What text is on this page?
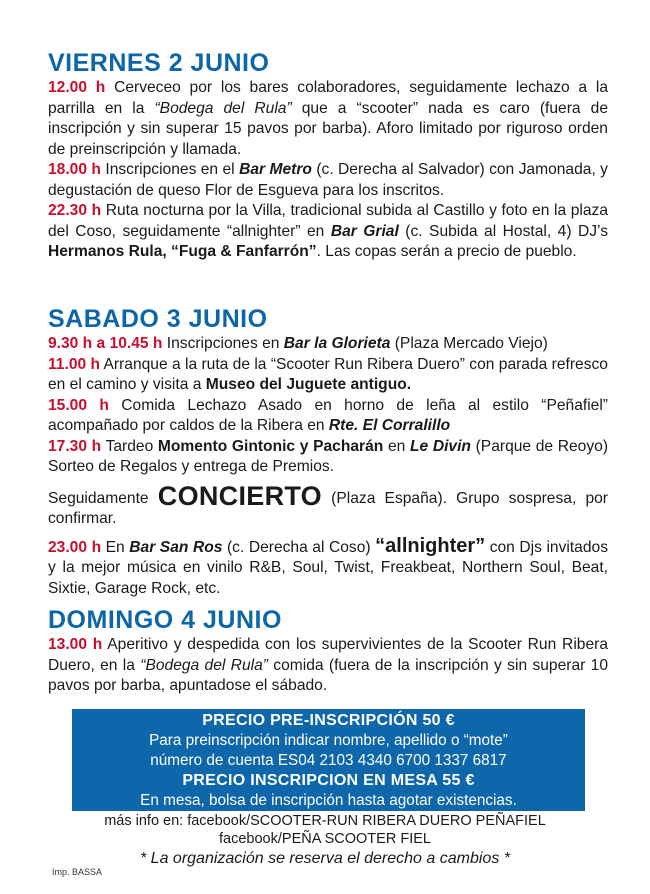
VIERNES 2 JUNIO

12.00 h Cerveceo por los bares colaboradores, seguidamente lechazo a la parrilla en la “Bodega del Rula” que a “scooter” nada es caro (fuera de inscripción y sin superar 15 pavos por barba). Aforo limitado por riguroso orden de preinscripción y llamada.

18.00 h Inscripciones en el Bar Metro (c. Derecha al Salvador) con Jamonada, y degustación de queso Flor de Esgueva para los inscritos.

22.30 h Ruta nocturna por la Villa, tradicional subida al Castillo y foto en la plaza del Coso, seguidamente “allnighter” en Bar Grial (c. Subida al Hostal, 4) DJ’s Hermanos Rula, “Fuga & Fanfarrón”. Las copas serán a precio de pueblo.

SABADO 3 JUNIO

9.30 h a 10.45 h Inscripciones en Bar la Glorieta (Plaza Mercado Viejo)

11.00 h Arranque a la ruta de la “Scooter Run Ribera Duero” con parada refresco en el camino y visita a Museo del Juguete antiguo.

15.00 h Comida Lechazo Asado en horno de leña al estilo “Peñafiel” acompañado por caldos de la Ribera en Rte. El Corralillo

17.30 h Tardeo Momento Gintonic y Pacharán en Le Divin (Parque de Reoyo) Sorteo de Regalos y entrega de Premios.

Seguidamente CONCIERTO (Plaza España). Grupo sospresa, por confirmar.

23.00 h En Bar San Ros (c. Derecha al Coso) “allnighter” con Djs invitados y la mejor música en vinilo R&B, Soul, Twist, Freakbeat, Northern Soul, Beat, Sixtie, Garage Rock, etc.

DOMINGO 4 JUNIO

13.00 h Aperitivo y despedida con los supervivientes de la Scooter Run Ribera Duero, en la “Bodega del Rula” comida (fuera de la inscripción y sin superar 10 pavos por barba, apuntadose el sábado.

PRECIO PRE-INSCRIPCIÓN 50 €
Para preinscripción indicar nombre, apellido o “mote”
número de cuenta ES04 2103 4340 6700 1337 6817
PRECIO INSCRIPCION EN MESA 55 €
En mesa, bolsa de inscripción hasta agotar existencias.
más info en: facebook/SCOOTER-RUN RIBERA DUERO PEÑAFIEL
facebook/PEÑA SCOOTER FIEL
* La organización se reserva el derecho a cambios *
Imp. BASSA
